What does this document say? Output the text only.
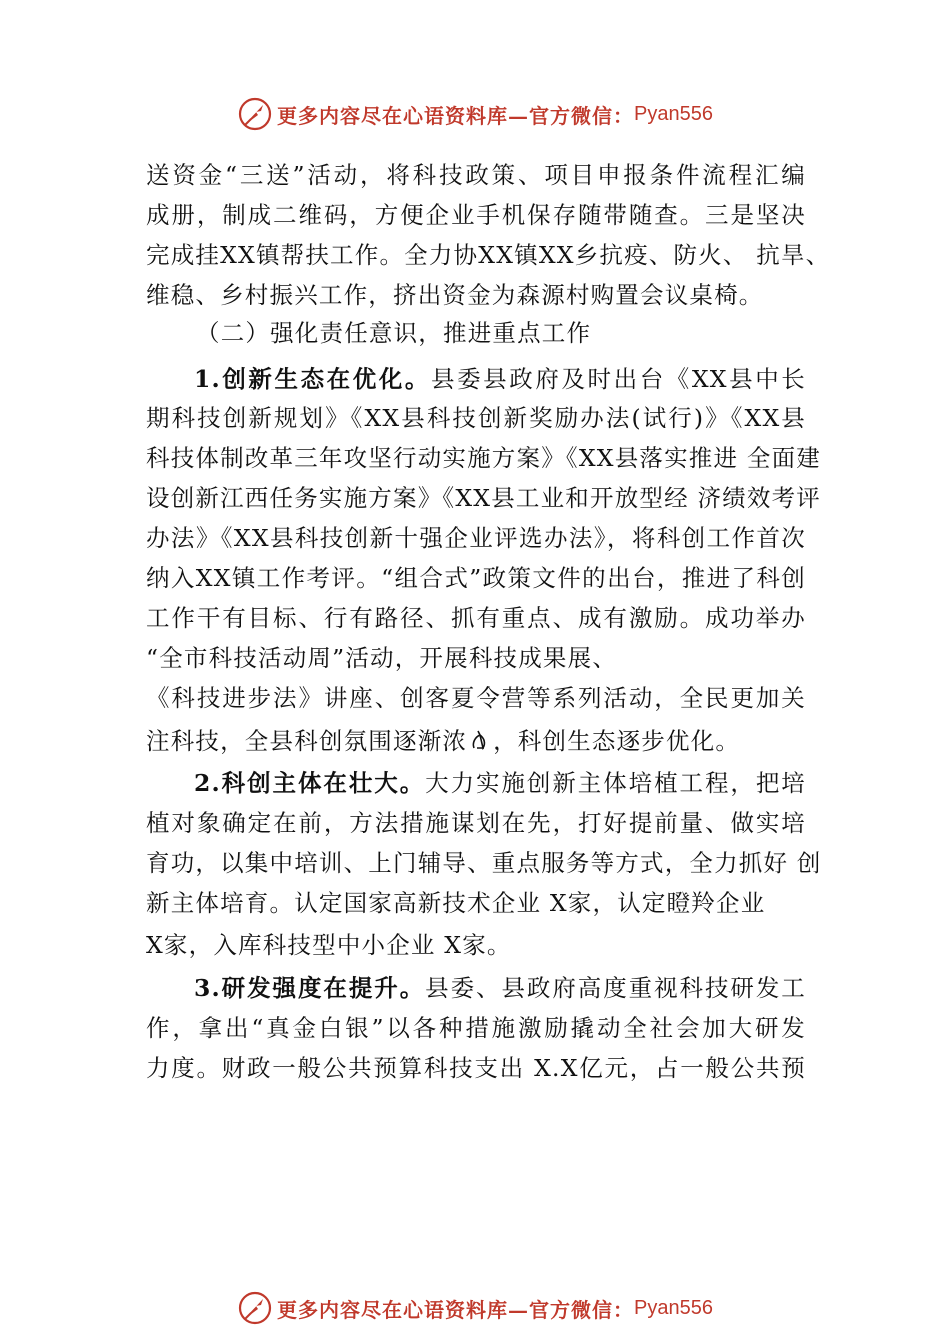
更多内容尽在心语资料库—官方微信： Pyan556
送资金“三送”活动，将科技政策、项目申报条件流程汇编
成册，制成二维码，方便企业手机保存随带随查。三是坚决
完成挂XX镇帮扶工作。全力协XX镇XX乡抗疫、防火、 抗旱、
维稳、乡村振兴工作，挤出资金为森源村购置会议桌椅。
（二）强化责任意识，推进重点工作
1.创新生态在优化。县委县政府及时出台《XX县中长
期科技创新规划》《XX县科技创新奖励办法(试行)》《XX县
科技体制改革三年攻坚行动实施方案》《XX县落实推进 全面建
设创新江西任务实施方案》《XX县工业和开放型经 济绩效考评
办法》《XX县科技创新十强企业评选办法》，将科创工作首次
纳入XX镇工作考评。“组合式”政策文件的出台，推进了科创
工作干有目标、行有路径、抓有重点、成有激励。成功举办
“全市科技活动周”活动，开展科技成果展、
《科技进步法》讲座、创客夏令营等系列活动，全民更加关
注科技，全县科创氛围逐渐浓 ，科创生态逐步优化。
2.科创主体在壮大。大力实施创新主体培植工程，把培
植对象确定在前，方法措施谋划在先，打好提前量、做实培
育功，以集中培训、上门辅导、重点服务等方式，全力抓好 创
新主体培育。认定国家高新技术企业 X家，认定瞪羚企业
X家，入库科技型中小企业 X家。
3.研发强度在提升。县委、县政府高度重视科技研发工
作，拿出“真金白银”以各种措施激励撬动全社会加大研发
力度。财政一般公共预算科技支出 X.X亿元，占一般公共预
更多内容尽在心语资料库—官方微信： Pyan556
